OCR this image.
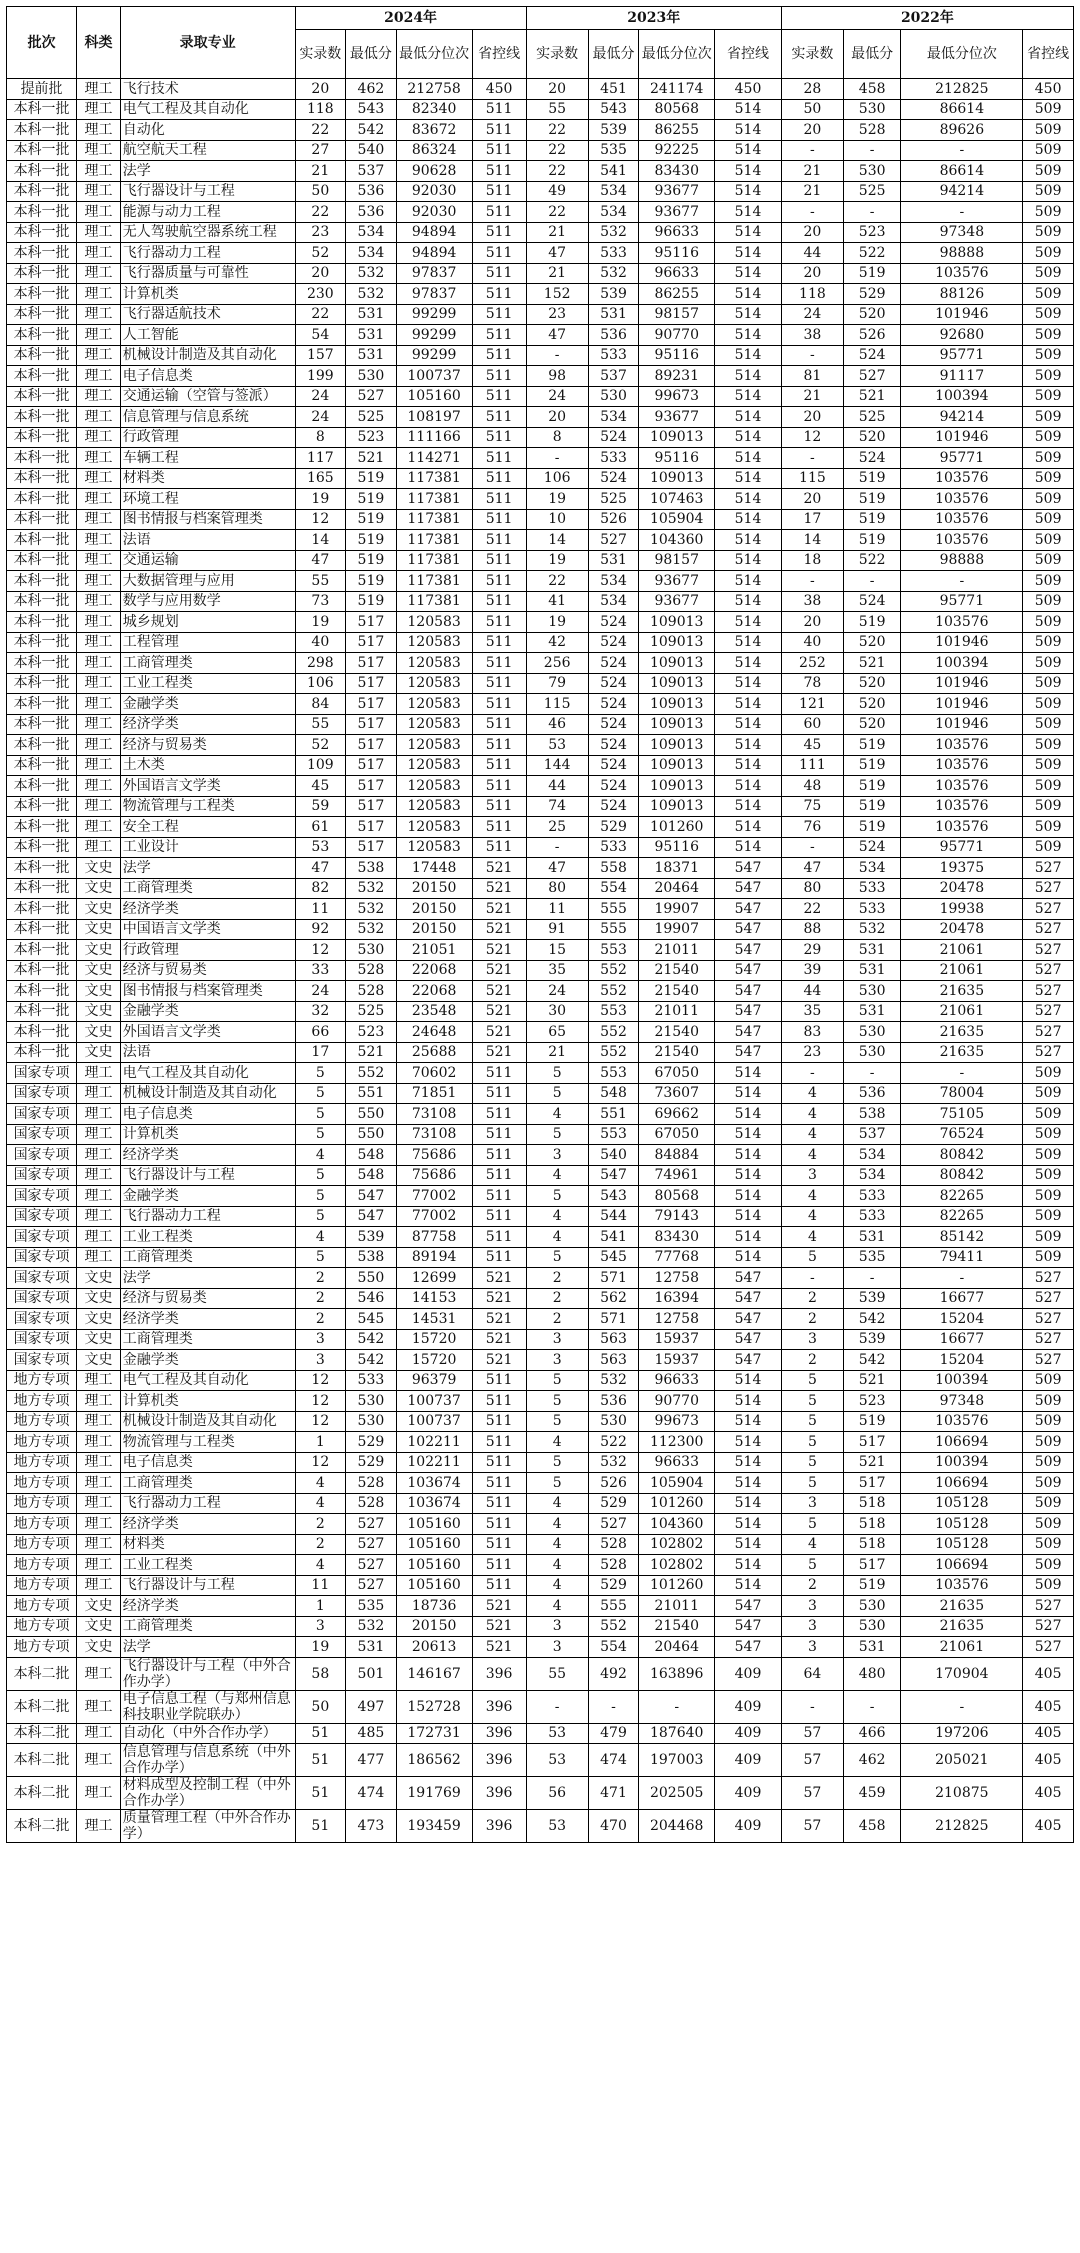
批次	科类	录取专业	2024年				2023年				2022年			
			实录数	最低分	最低分位次	省控线	实录数	最低分	最低分位次	省控线	实录数	最低分	最低分位次	省控线
提前批	理工	飞行技术	20	462	212758	450	20	451	241174	450	28	458	212825	450
本科一批	理工	电气工程及其自动化	118	543	82340	511	55	543	80568	514	50	530	86614	509
本科一批	理工	自动化	22	542	83672	511	22	539	86255	514	20	528	89626	509
本科一批	理工	航空航天工程	27	540	86324	511	22	535	92225	514	-	-	-	509
本科一批	理工	法学	21	537	90628	511	22	541	83430	514	21	530	86614	509
本科一批	理工	飞行器设计与工程	50	536	92030	511	49	534	93677	514	21	525	94214	509
本科一批	理工	能源与动力工程	22	536	92030	511	22	534	93677	514	-	-	-	509
本科一批	理工	无人驾驶航空器系统工程	23	534	94894	511	21	532	96633	514	20	523	97348	509
本科一批	理工	飞行器动力工程	52	534	94894	511	47	533	95116	514	44	522	98888	509
本科一批	理工	飞行器质量与可靠性	20	532	97837	511	21	532	96633	514	20	519	103576	509
本科一批	理工	计算机类	230	532	97837	511	152	539	86255	514	118	529	88126	509
本科一批	理工	飞行器适航技术	22	531	99299	511	23	531	98157	514	24	520	101946	509
本科一批	理工	人工智能	54	531	99299	511	47	536	90770	514	38	526	92680	509
本科一批	理工	机械设计制造及其自动化	157	531	99299	511	-	533	95116	514	-	524	95771	509
本科一批	理工	电子信息类	199	530	100737	511	98	537	89231	514	81	527	91117	509
本科一批	理工	交通运输（空管与签派）	24	527	105160	511	24	530	99673	514	21	521	100394	509
本科一批	理工	信息管理与信息系统	24	525	108197	511	20	534	93677	514	20	525	94214	509
本科一批	理工	行政管理	8	523	111166	511	8	524	109013	514	12	520	101946	509
本科一批	理工	车辆工程	117	521	114271	511	-	533	95116	514	-	524	95771	509
本科一批	理工	材料类	165	519	117381	511	106	524	109013	514	115	519	103576	509
本科一批	理工	环境工程	19	519	117381	511	19	525	107463	514	20	519	103576	509
本科一批	理工	图书情报与档案管理类	12	519	117381	511	10	526	105904	514	17	519	103576	509
本科一批	理工	法语	14	519	117381	511	14	527	104360	514	14	519	103576	509
本科一批	理工	交通运输	47	519	117381	511	19	531	98157	514	18	522	98888	509
本科一批	理工	大数据管理与应用	55	519	117381	511	22	534	93677	514	-	-	-	509
本科一批	理工	数学与应用数学	73	519	117381	511	41	534	93677	514	38	524	95771	509
本科一批	理工	城乡规划	19	517	120583	511	19	524	109013	514	20	519	103576	509
本科一批	理工	工程管理	40	517	120583	511	42	524	109013	514	40	520	101946	509
本科一批	理工	工商管理类	298	517	120583	511	256	524	109013	514	252	521	100394	509
本科一批	理工	工业工程类	106	517	120583	511	79	524	109013	514	78	520	101946	509
本科一批	理工	金融学类	84	517	120583	511	115	524	109013	514	121	520	101946	509
本科一批	理工	经济学类	55	517	120583	511	46	524	109013	514	60	520	101946	509
本科一批	理工	经济与贸易类	52	517	120583	511	53	524	109013	514	45	519	103576	509
本科一批	理工	土木类	109	517	120583	511	144	524	109013	514	111	519	103576	509
本科一批	理工	外国语言文学类	45	517	120583	511	44	524	109013	514	48	519	103576	509
本科一批	理工	物流管理与工程类	59	517	120583	511	74	524	109013	514	75	519	103576	509
本科一批	理工	安全工程	61	517	120583	511	25	529	101260	514	76	519	103576	509
本科一批	理工	工业设计	53	517	120583	511	-	533	95116	514	-	524	95771	509
本科一批	文史	法学	47	538	17448	521	47	558	18371	547	47	534	19375	527
本科一批	文史	工商管理类	82	532	20150	521	80	554	20464	547	80	533	20478	527
本科一批	文史	经济学类	11	532	20150	521	11	555	19907	547	22	533	19938	527
本科一批	文史	中国语言文学类	92	532	20150	521	91	555	19907	547	88	532	20478	527
本科一批	文史	行政管理	12	530	21051	521	15	553	21011	547	29	531	21061	527
本科一批	文史	经济与贸易类	33	528	22068	521	35	552	21540	547	39	531	21061	527
本科一批	文史	图书情报与档案管理类	24	528	22068	521	24	552	21540	547	44	530	21635	527
本科一批	文史	金融学类	32	525	23548	521	30	553	21011	547	35	531	21061	527
本科一批	文史	外国语言文学类	66	523	24648	521	65	552	21540	547	83	530	21635	527
本科一批	文史	法语	17	521	25688	521	21	552	21540	547	23	530	21635	527
国家专项	理工	电气工程及其自动化	5	552	70602	511	5	553	67050	514	-	-	-	509
国家专项	理工	机械设计制造及其自动化	5	551	71851	511	5	548	73607	514	4	536	78004	509
国家专项	理工	电子信息类	5	550	73108	511	4	551	69662	514	4	538	75105	509
国家专项	理工	计算机类	5	550	73108	511	5	553	67050	514	4	537	76524	509
国家专项	理工	经济学类	4	548	75686	511	3	540	84884	514	4	534	80842	509
国家专项	理工	飞行器设计与工程	5	548	75686	511	4	547	74961	514	3	534	80842	509
国家专项	理工	金融学类	5	547	77002	511	5	543	80568	514	4	533	82265	509
国家专项	理工	飞行器动力工程	5	547	77002	511	4	544	79143	514	4	533	82265	509
国家专项	理工	工业工程类	4	539	87758	511	4	541	83430	514	4	531	85142	509
国家专项	理工	工商管理类	5	538	89194	511	5	545	77768	514	5	535	79411	509
国家专项	文史	法学	2	550	12699	521	2	571	12758	547	-	-	-	527
国家专项	文史	经济与贸易类	2	546	14153	521	2	562	16394	547	2	539	16677	527
国家专项	文史	经济学类	2	545	14531	521	2	571	12758	547	2	542	15204	527
国家专项	文史	工商管理类	3	542	15720	521	3	563	15937	547	3	539	16677	527
国家专项	文史	金融学类	3	542	15720	521	3	563	15937	547	2	542	15204	527
地方专项	理工	电气工程及其自动化	12	533	96379	511	5	532	96633	514	5	521	100394	509
地方专项	理工	计算机类	12	530	100737	511	5	536	90770	514	5	523	97348	509
地方专项	理工	机械设计制造及其自动化	12	530	100737	511	5	530	99673	514	5	519	103576	509
地方专项	理工	物流管理与工程类	1	529	102211	511	4	522	112300	514	5	517	106694	509
地方专项	理工	电子信息类	12	529	102211	511	5	532	96633	514	5	521	100394	509
地方专项	理工	工商管理类	4	528	103674	511	5	526	105904	514	5	517	106694	509
地方专项	理工	飞行器动力工程	4	528	103674	511	4	529	101260	514	3	518	105128	509
地方专项	理工	经济学类	2	527	105160	511	4	527	104360	514	5	518	105128	509
地方专项	理工	材料类	2	527	105160	511	4	528	102802	514	4	518	105128	509
地方专项	理工	工业工程类	4	527	105160	511	4	528	102802	514	5	517	106694	509
地方专项	理工	飞行器设计与工程	11	527	105160	511	4	529	101260	514	2	519	103576	509
地方专项	文史	经济学类	1	535	18736	521	4	555	21011	547	3	530	21635	527
地方专项	文史	工商管理类	3	532	20150	521	3	552	21540	547	3	530	21635	527
地方专项	文史	法学	19	531	20613	521	3	554	20464	547	3	531	21061	527
本科二批	理工	飞行器设计与工程（中外合作办学）	58	501	146167	396	55	492	163896	409	64	480	170904	405
本科二批	理工	电子信息工程（与郑州信息科技职业学院联办）	50	497	152728	396	-	-	-	409	-	-	-	405
本科二批	理工	自动化（中外合作办学）	51	485	172731	396	53	479	187640	409	57	466	197206	405
本科二批	理工	信息管理与信息系统（中外合作办学）	51	477	186562	396	53	474	197003	409	57	462	205021	405
本科二批	理工	材料成型及控制工程（中外合作办学）	51	474	191769	396	56	471	202505	409	57	459	210875	405
本科二批	理工	质量管理工程（中外合作办学）	51	473	193459	396	53	470	204468	409	57	458	212825	405
